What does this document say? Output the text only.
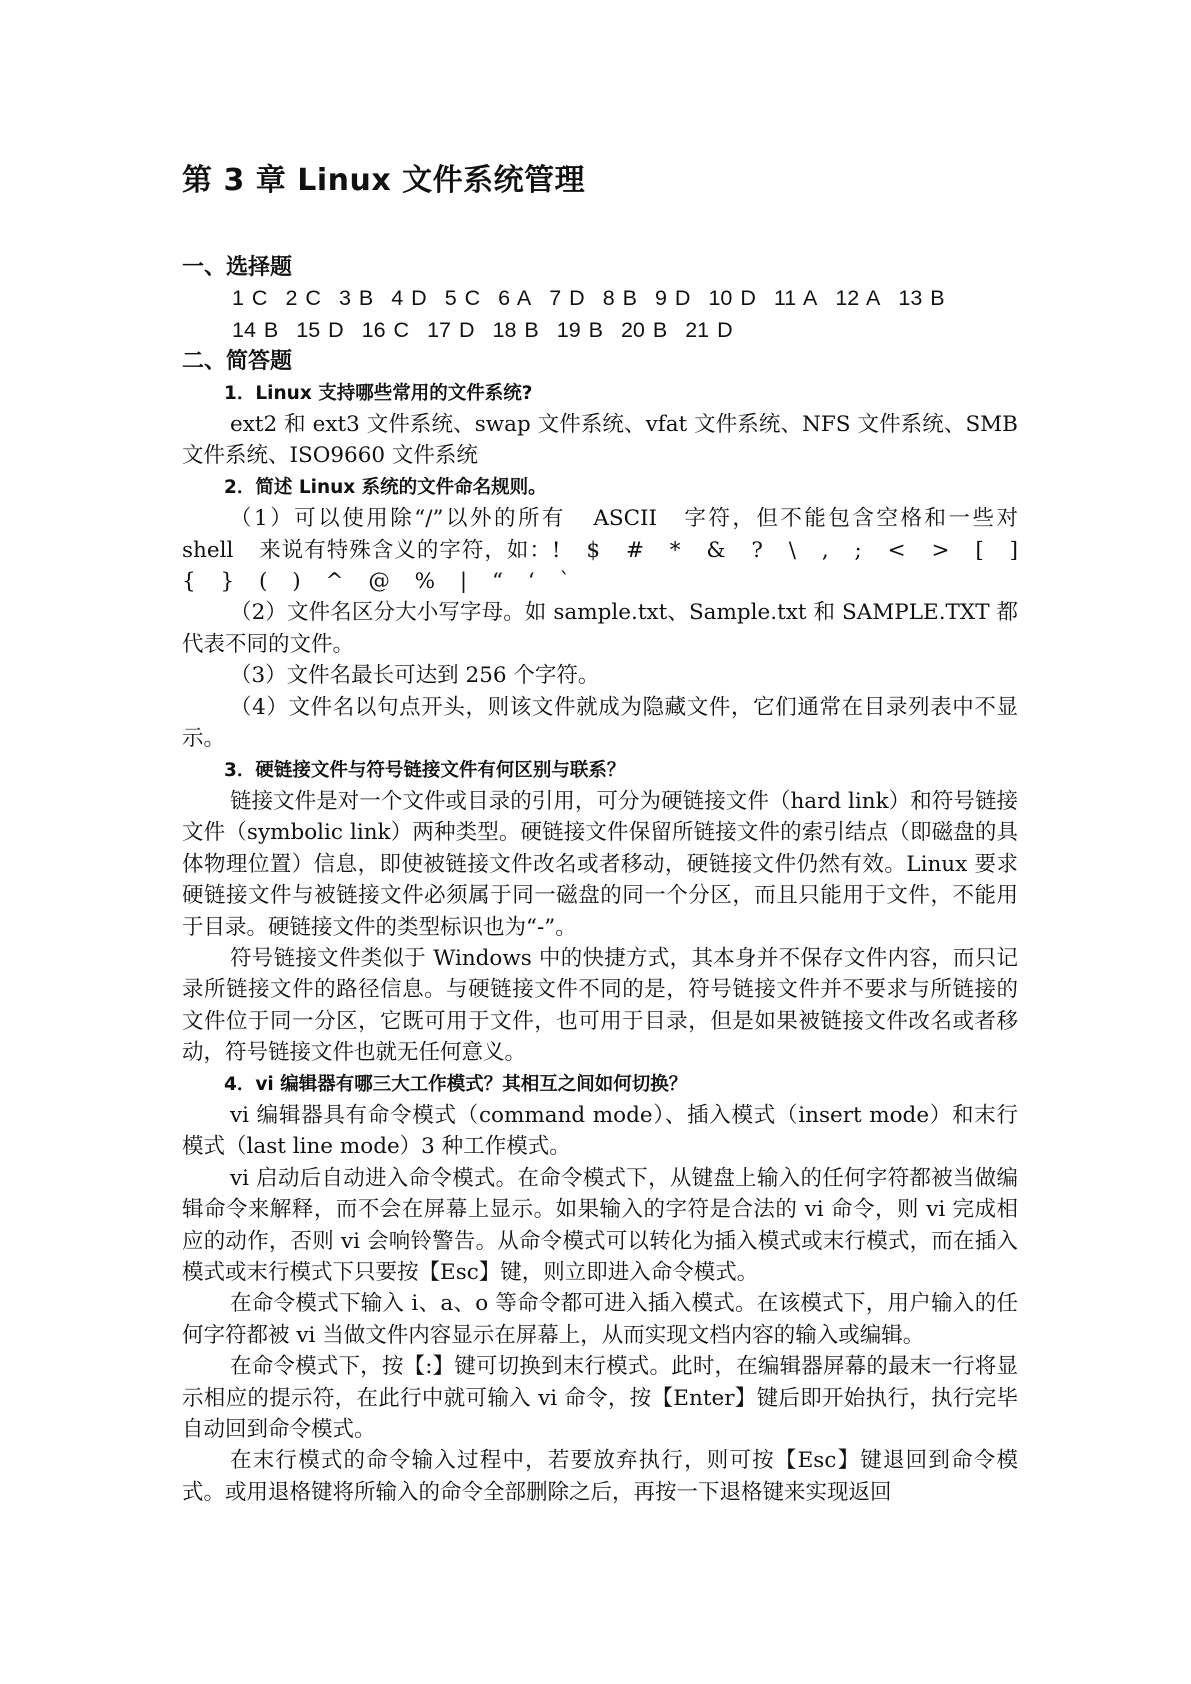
第 3 章 Linux 文件系统管理

一、选择题

1 C 2 C 3 B 4 D 5 C 6 A 7 D 8 B 9 D 10 D 11 A 12 A 13 B

14 B 15 D 16 C 17 D 18 B 19 B 20 B 21 D

二、简答题

1．Linux 支持哪些常用的文件系统?

ext2 和 ext3 文件系统、swap 文件系统、vfat 文件系统、NFS 文件系统、SMB 文件系统、ISO9660 文件系统

2．简述 Linux 系统的文件命名规则。

（1）可以使用除“/”以外的所有 ASCII 字符，但不能包含空格和一些对 shell 来说有特殊含义的字符，如：! $ # * & ? \ , ; < > [ ] { } ( ) ^ @ % | “ ‘ `

（2）文件名区分大小写字母。如 sample.txt、Sample.txt 和 SAMPLE.TXT 都代表不同的文件。

（3）文件名最长可达到 256 个字符。

（4）文件名以句点开头，则该文件就成为隐藏文件，它们通常在目录列表中不显示。

3．硬链接文件与符号链接文件有何区别与联系？

链接文件是对一个文件或目录的引用，可分为硬链接文件（hard link）和符号链接文件（symbolic link）两种类型。硬链接文件保留所链接文件的索引结点（即磁盘的具体物理位置）信息，即使被链接文件改名或者移动，硬链接文件仍然有效。Linux 要求硬链接文件与被链接文件必须属于同一磁盘的同一个分区，而且只能用于文件，不能用于目录。硬链接文件的类型标识也为“-”。

符号链接文件类似于 Windows 中的快捷方式，其本身并不保存文件内容，而只记录所链接文件的路径信息。与硬链接文件不同的是，符号链接文件并不要求与所链接的文件位于同一分区，它既可用于文件，也可用于目录，但是如果被链接文件改名或者移动，符号链接文件也就无任何意义。

4．vi 编辑器有哪三大工作模式？其相互之间如何切换？

vi 编辑器具有命令模式（command mode）、插入模式（insert mode）和末行模式（last line mode）3 种工作模式。

vi 启动后自动进入命令模式。在命令模式下，从键盘上输入的任何字符都被当做编辑命令来解释，而不会在屏幕上显示。如果输入的字符是合法的 vi 命令，则 vi 完成相应的动作，否则 vi 会响铃警告。从命令模式可以转化为插入模式或末行模式，而在插入模式或末行模式下只要按【Esc】键，则立即进入命令模式。

在命令模式下输入 i、a、o 等命令都可进入插入模式。在该模式下，用户输入的任何字符都被 vi 当做文件内容显示在屏幕上，从而实现文档内容的输入或编辑。

在命令模式下，按【:】键可切换到末行模式。此时，在编辑器屏幕的最末一行将显示相应的提示符，在此行中就可输入 vi 命令，按【Enter】键后即开始执行，执行完毕自动回到命令模式。

在末行模式的命令输入过程中，若要放弃执行，则可按【Esc】键退回到命令模式。或用退格键将所输入的命令全部删除之后，再按一下退格键来实现返回
